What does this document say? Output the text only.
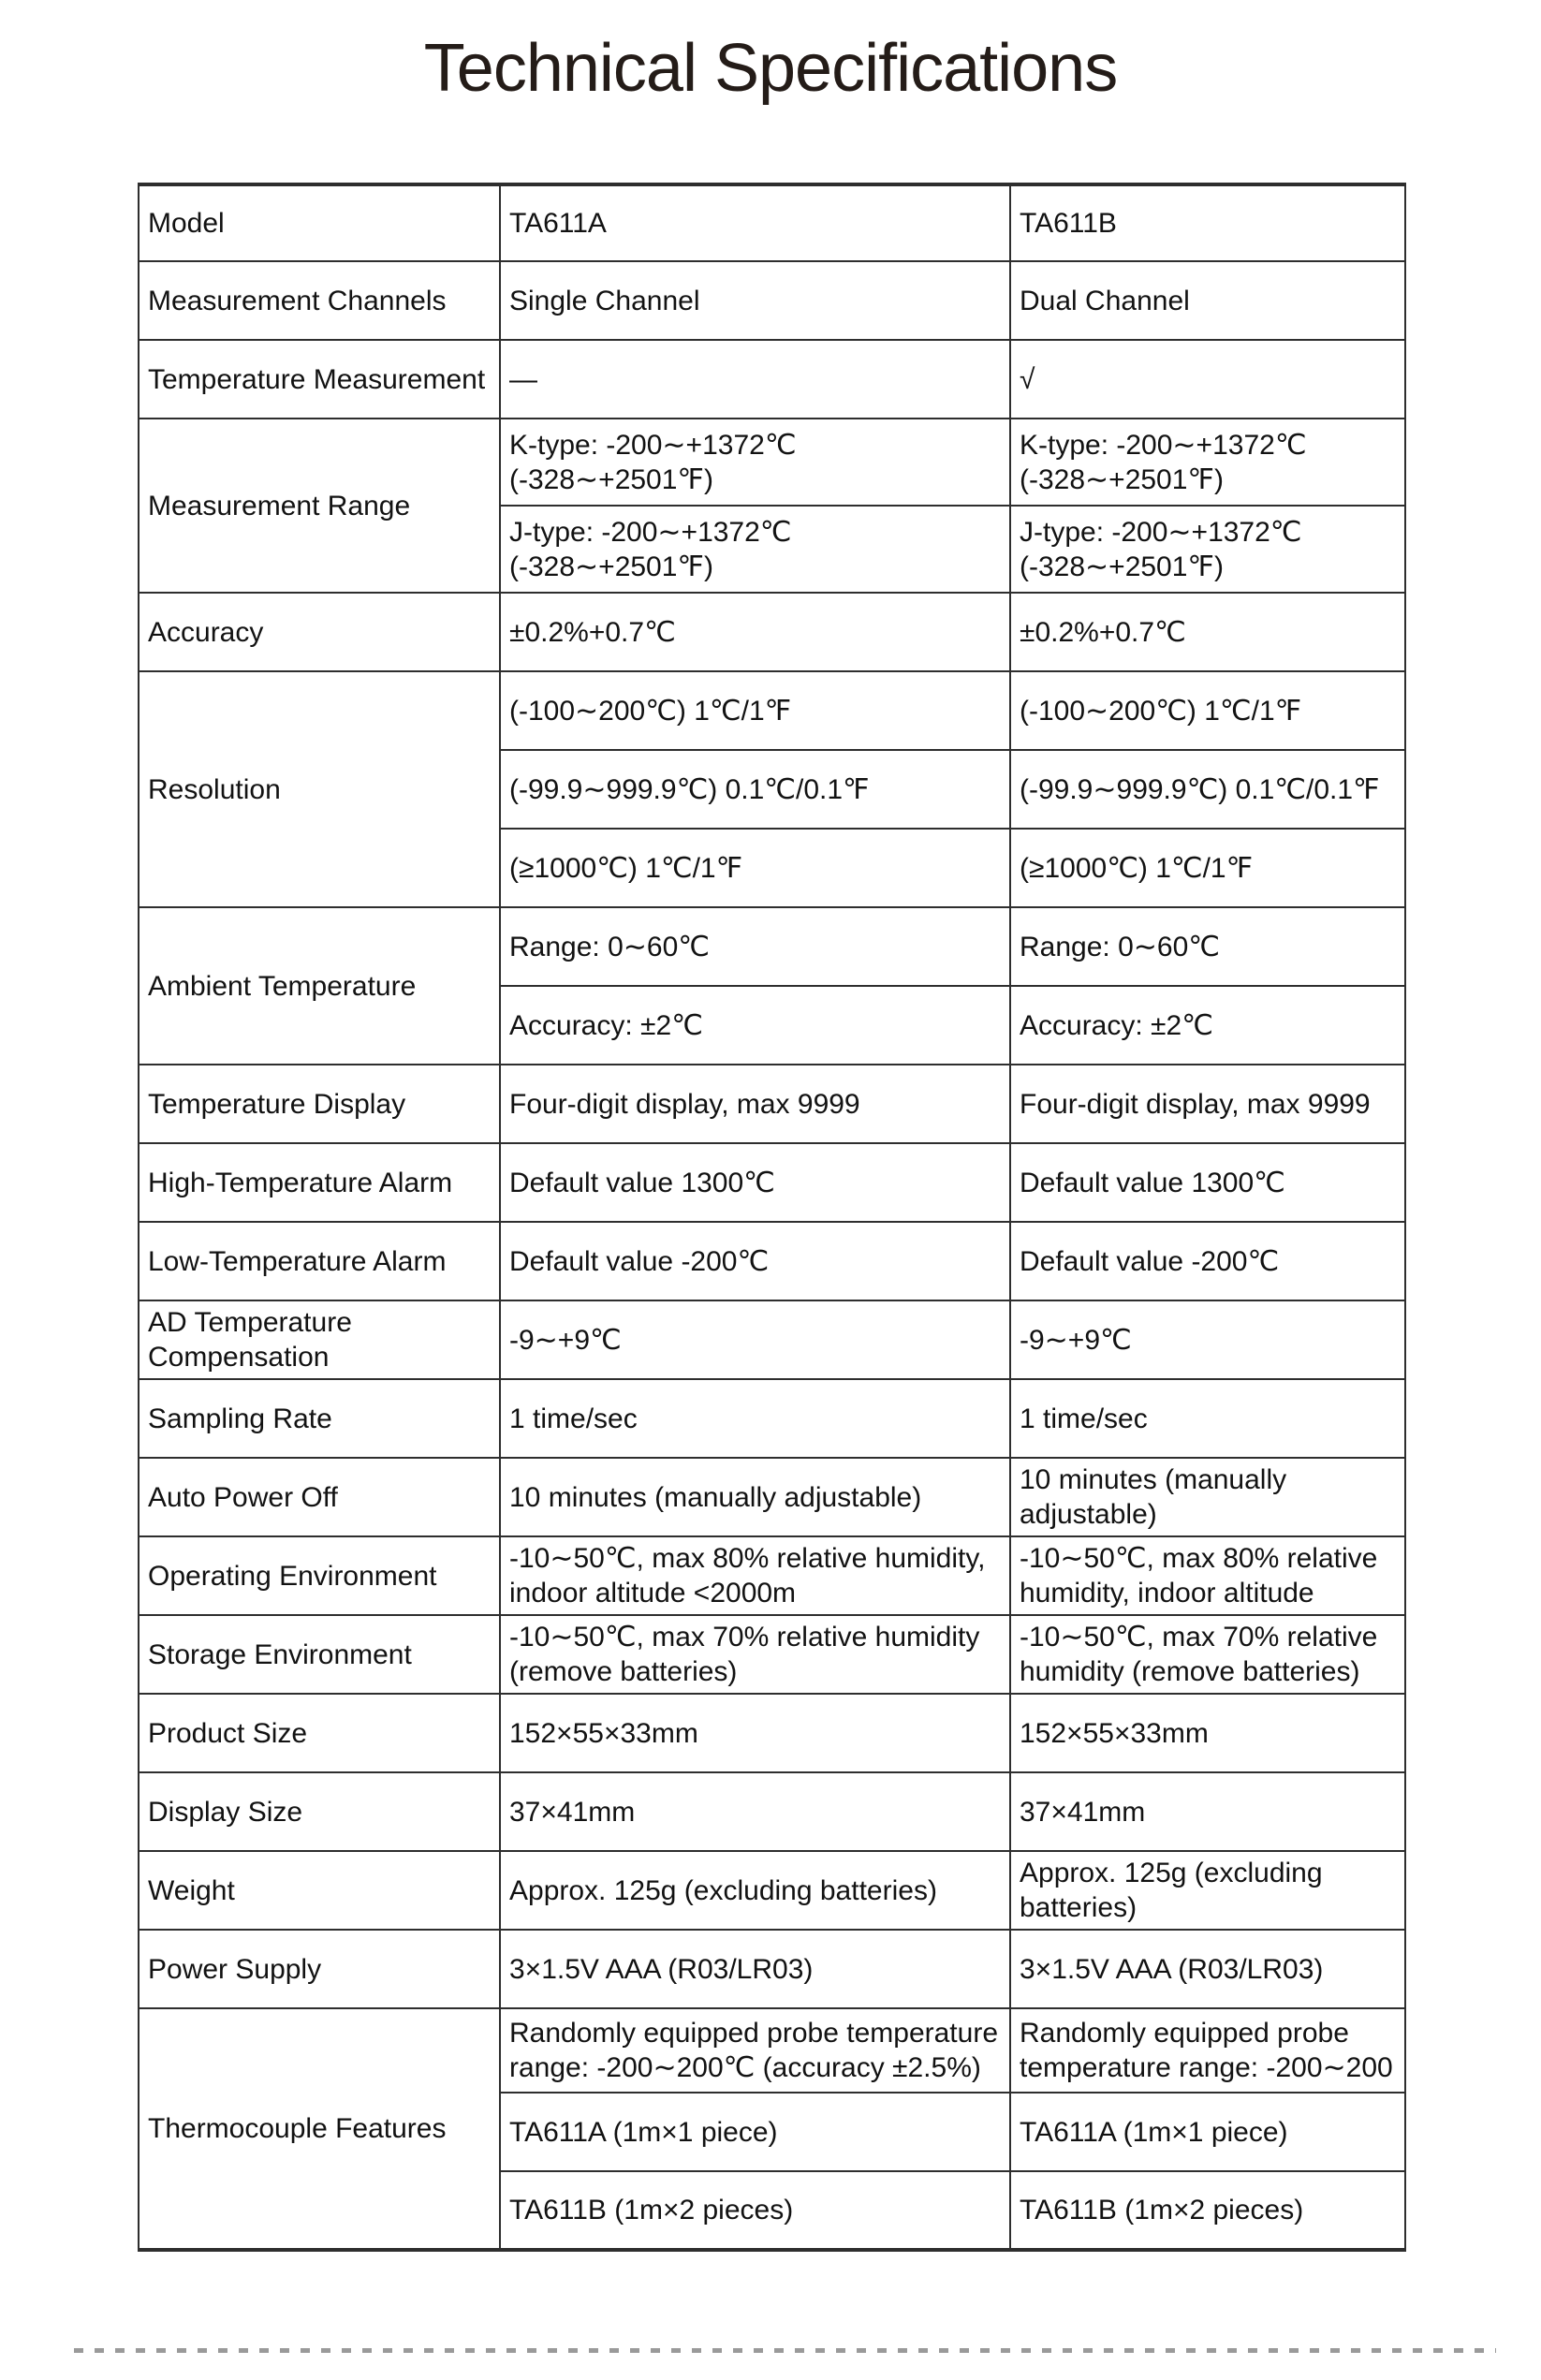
Technical Specifications
Model	TA611A	TA611B
Measurement Channels	Single Channel	Dual Channel
Temperature Measurement	—	√
Measurement Range	K-type: -200∼+1372℃ (-328∼+2501℉)	K-type: -200∼+1372℃ (-328∼+2501℉)
	J-type: -200∼+1372℃ (-328∼+2501℉)	J-type: -200∼+1372℃ (-328∼+2501℉)
Accuracy	±0.2%+0.7℃	±0.2%+0.7℃
Resolution	(-100∼200℃) 1℃/1℉	(-100∼200℃) 1℃/1℉
	(-99.9∼999.9℃) 0.1℃/0.1℉	(-99.9∼999.9℃) 0.1℃/0.1℉
	(≥1000℃) 1℃/1℉	(≥1000℃) 1℃/1℉
Ambient Temperature	Range: 0∼60℃	Range: 0∼60℃
	Accuracy: ±2℃	Accuracy: ±2℃
Temperature Display	Four-digit display, max 9999	Four-digit display, max 9999
High-Temperature Alarm	Default value 1300℃	Default value 1300℃
Low-Temperature Alarm	Default value -200℃	Default value -200℃
AD Temperature Compensation	-9∼+9℃	-9∼+9℃
Sampling Rate	1 time/sec	1 time/sec
Auto Power Off	10 minutes (manually adjustable)	10 minutes (manually adjustable)
Operating Environment	-10∼50℃, max 80% relative humidity, indoor altitude <2000m	-10∼50℃, max 80% relative humidity, indoor altitude
Storage Environment	-10∼50℃, max 70% relative humidity (remove batteries)	-10∼50℃, max 70% relative humidity (remove batteries)
Product Size	152×55×33mm	152×55×33mm
Display Size	37×41mm	37×41mm
Weight	Approx. 125g (excluding batteries)	Approx. 125g (excluding batteries)
Power Supply	3×1.5V AAA (R03/LR03)	3×1.5V AAA (R03/LR03)
Thermocouple Features	Randomly equipped probe temperature range: -200∼200℃ (accuracy ±2.5%)	Randomly equipped probe temperature range: -200∼200
	TA611A (1m×1 piece)	TA611A (1m×1 piece)
	TA611B (1m×2 pieces)	TA611B (1m×2 pieces)
